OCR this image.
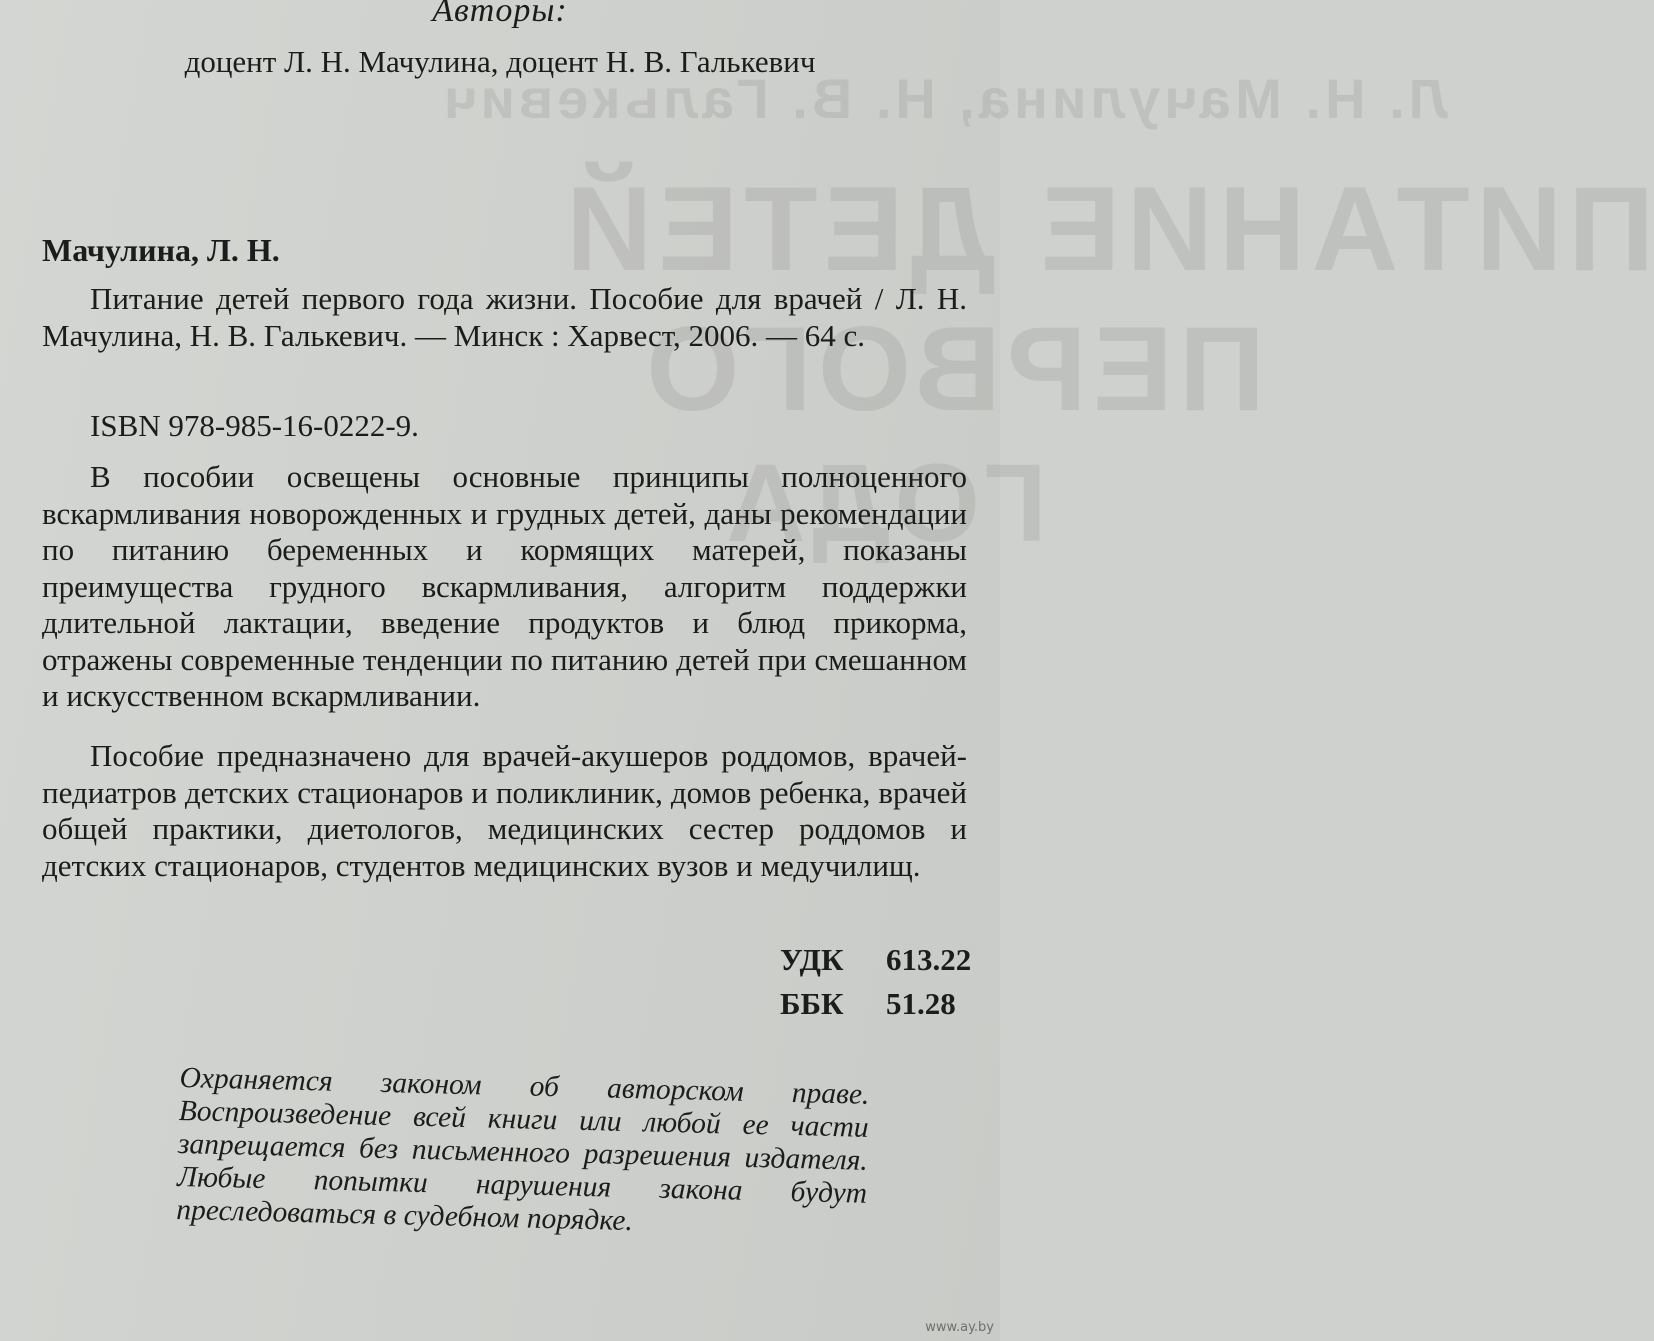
Л. Н. Мачулина, Н. В. Галькевич
ПИТАНИЕ ДЕТЕЙ
ПЕРВОГО
ГОДА
Авторы:
доцент Л. Н. Мачулина, доцент Н. В. Галькевич
Мачулина, Л. Н.
Питание детей первого года жизни. Пособие для врачей / Л. Н. Мачулина, Н. В. Галькевич. — Минск : Харвест, 2006. — 64 с.
ISBN 978-985-16-0222-9.
В пособии освещены основные принципы полноценного вскармливания новорожденных и грудных детей, даны рекомендации по питанию беременных и кормящих матерей, показаны преимущества грудного вскармливания, алгоритм поддержки длительной лактации, введение продуктов и блюд прикорма, отражены современные тенденции по питанию детей при смешанном и искусственном вскармливании.
Пособие предназначено для врачей-акушеров роддомов, врачей-педиатров детских стационаров и поликлиник, домов ребенка, врачей общей практики, диетологов, медицинских сестер роддомов и детских стационаров, студентов медицинских вузов и медучилищ.
УДК	613.22
ББК	51.28
Охраняется законом об авторском праве. Воспроизведение всей книги или любой ее части запрещается без письменного разрешения издателя. Любые попытки нарушения закона будут преследоваться в судебном порядке.
www.ay.by
